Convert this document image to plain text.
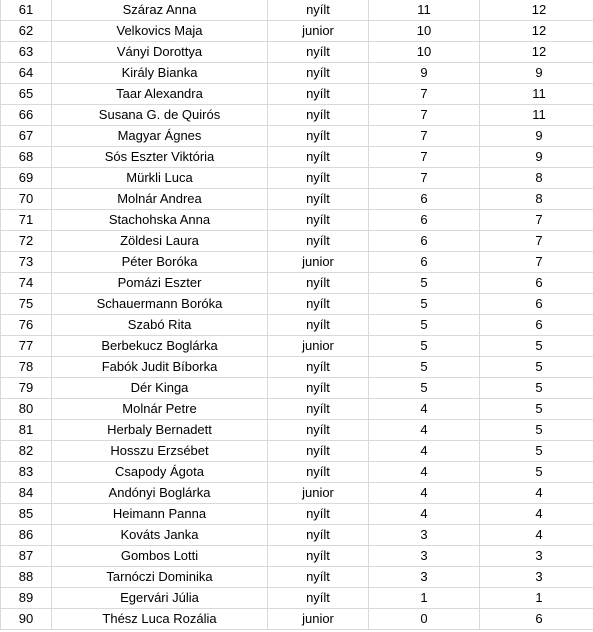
61	Száraz Anna	nyílt	11	12
62	Velkovics Maja	junior	10	12
63	Ványi Dorottya	nyílt	10	12
64	Király Bianka	nyílt	9	9
65	Taar Alexandra	nyílt	7	11
66	Susana G. de Quirós	nyílt	7	11
67	Magyar Ágnes	nyílt	7	9
68	Sós Eszter Viktória	nyílt	7	9
69	Mürkli Luca	nyílt	7	8
70	Molnár Andrea	nyílt	6	8
71	Stachohska Anna	nyílt	6	7
72	Zöldesi Laura	nyílt	6	7
73	Péter Boróka	junior	6	7
74	Pomázi Eszter	nyílt	5	6
75	Schauermann Boróka	nyílt	5	6
76	Szabó Rita	nyílt	5	6
77	Berbekucz Boglárka	junior	5	5
78	Fabók Judit Bíborka	nyílt	5	5
79	Dér Kinga	nyílt	5	5
80	Molnár Petre	nyílt	4	5
81	Herbaly Bernadett	nyílt	4	5
82	Hosszu Erzsébet	nyílt	4	5
83	Csapody Ágota	nyílt	4	5
84	Andónyi Boglárka	junior	4	4
85	Heimann Panna	nyílt	4	4
86	Kováts Janka	nyílt	3	4
87	Gombos Lotti	nyílt	3	3
88	Tarnóczi Dominika	nyílt	3	3
89	Egervári Júlia	nyílt	1	1
90	Thész Luca Rozália	junior	0	6
